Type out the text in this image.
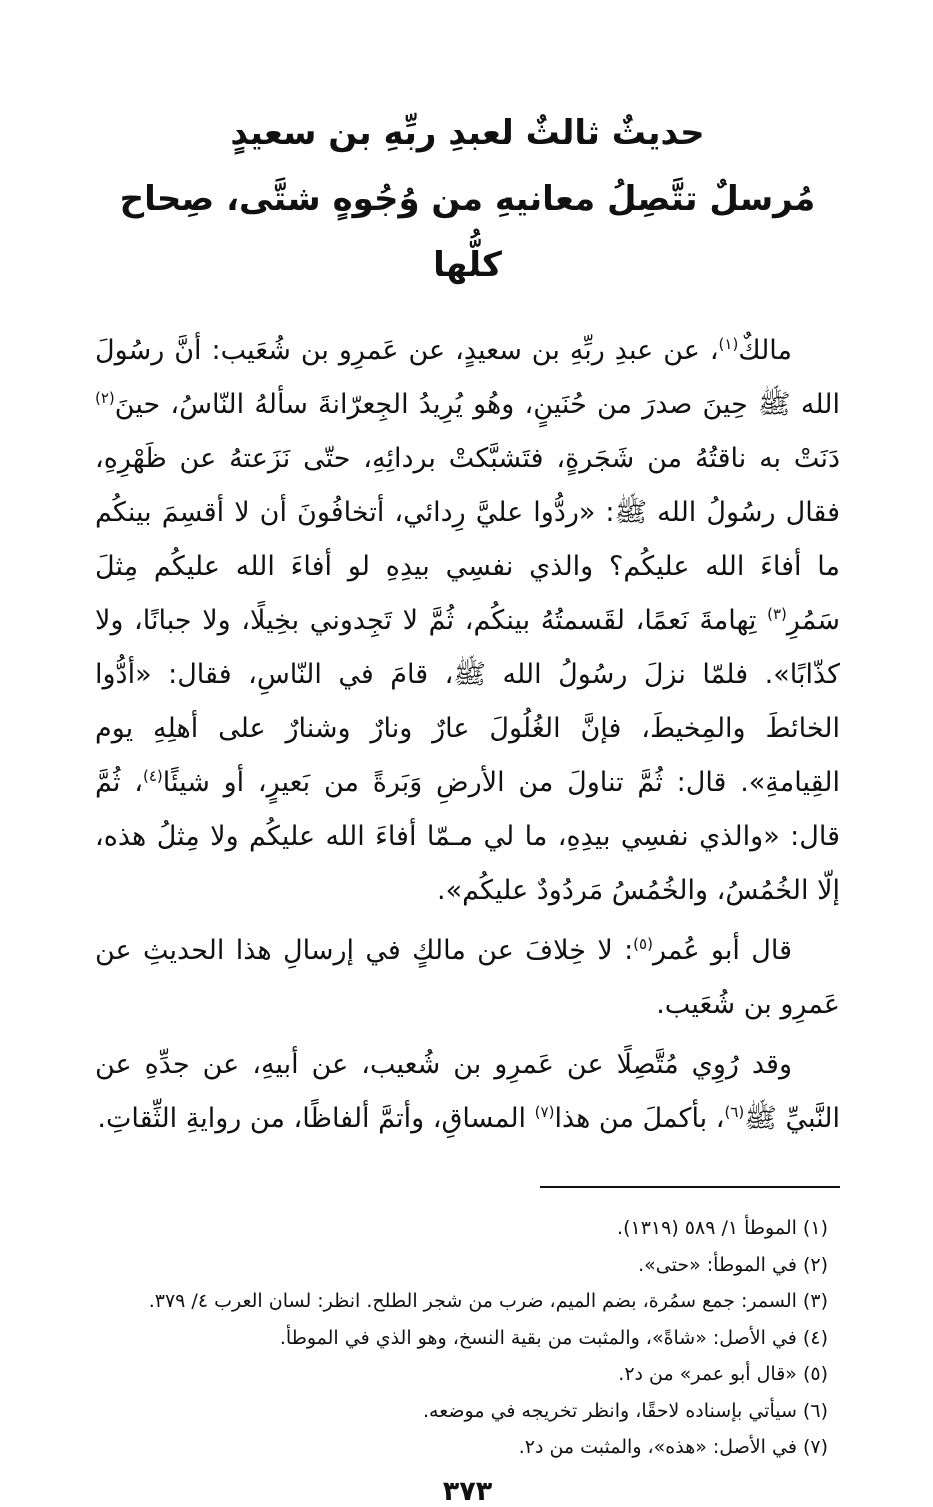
حديثٌ ثالثٌ لعبدِ ربِّهِ بن سعيدٍ
مُرسلٌ تتَّصِلُ معانيهِ من وُجُوهٍ شتَّى، صِحاح كلُّها

مالكٌ$^{(١)}$، عن عبدِ ربِّهِ بن سعيدٍ، عن عَمرِو بن شُعَيب: أنَّ رسُولَ الله ﷺ حِينَ صدرَ من حُنَينٍ، وهُو يُرِيدُ الجِعرّانةَ سألهُ النّاسُ، حينَ$^{(٢)}$ دَنَتْ به ناقتُهُ من شَجَرةٍ، فتَشبَّكتْ بردائِهِ، حتّى نَزَعتهُ عن ظَهْرِهِ، فقال رسُولُ الله ﷺ: «ردُّوا عليَّ رِدائي، أتخافُونَ أن لا أقسِمَ بينكُم ما أفاءَ الله عليكُم؟ والذي نفسِي بيدِهِ لو أفاءَ الله عليكُم مِثلَ سَمُرِ$^{(٣)}$ تِهامةَ نَعمًا، لقَسمتُهُ بينكُم، ثُمَّ لا تَجِدوني بخِيلًا، ولا جبانًا، ولا كذّابًا». فلمّا نزلَ رسُولُ الله ﷺ، قامَ في النّاسِ، فقال: «أدُّوا الخائطَ والمِخيطَ، فإنَّ الغُلُولَ عارٌ ونارٌ وشنارٌ على أهلِهِ يوم القِيامةِ». قال: ثُمَّ تناولَ من الأرضِ وَبَرةً من بَعيرٍ، أو شيئًا$^{(٤)}$، ثُمَّ قال: «والذي نفسِي بيدِهِ، ما لي مـمّا أفاءَ الله عليكُم ولا مِثلُ هذه، إلّا الخُمُسُ، والخُمُسُ مَردُودٌ عليكُم».

قال أبو عُمر$^{(٥)}$: لا خِلافَ عن مالكٍ في إرسالِ هذا الحديثِ عن عَمرِو بن شُعَيب.

وقد رُوِي مُتَّصِلًا عن عَمرِو بن شُعيب، عن أبيهِ، عن جدِّهِ عن النَّبيِّ ﷺ$^{(٦)}$، بأكملَ من هذا$^{(٧)}$ المساقِ، وأتمَّ ألفاظًا، من روايةِ الثِّقاتِ.

(١) الموطأ ١/ ٥٨٩ (١٣١٩).

(٢) في الموطأ: «حتى».

(٣) السمر: جمع سمُرة، بضم الميم، ضرب من شجر الطلح. انظر: لسان العرب ٤/ ٣٧٩.

(٤) في الأصل: «شاةً»، والمثبت من بقية النسخ، وهو الذي في الموطأ.

(٥) «قال أبو عمر» من د٢.

(٦) سيأتي بإسناده لاحقًا، وانظر تخريجه في موضعه.

(٧) في الأصل: «هذه»، والمثبت من د٢.

٣٧٣
